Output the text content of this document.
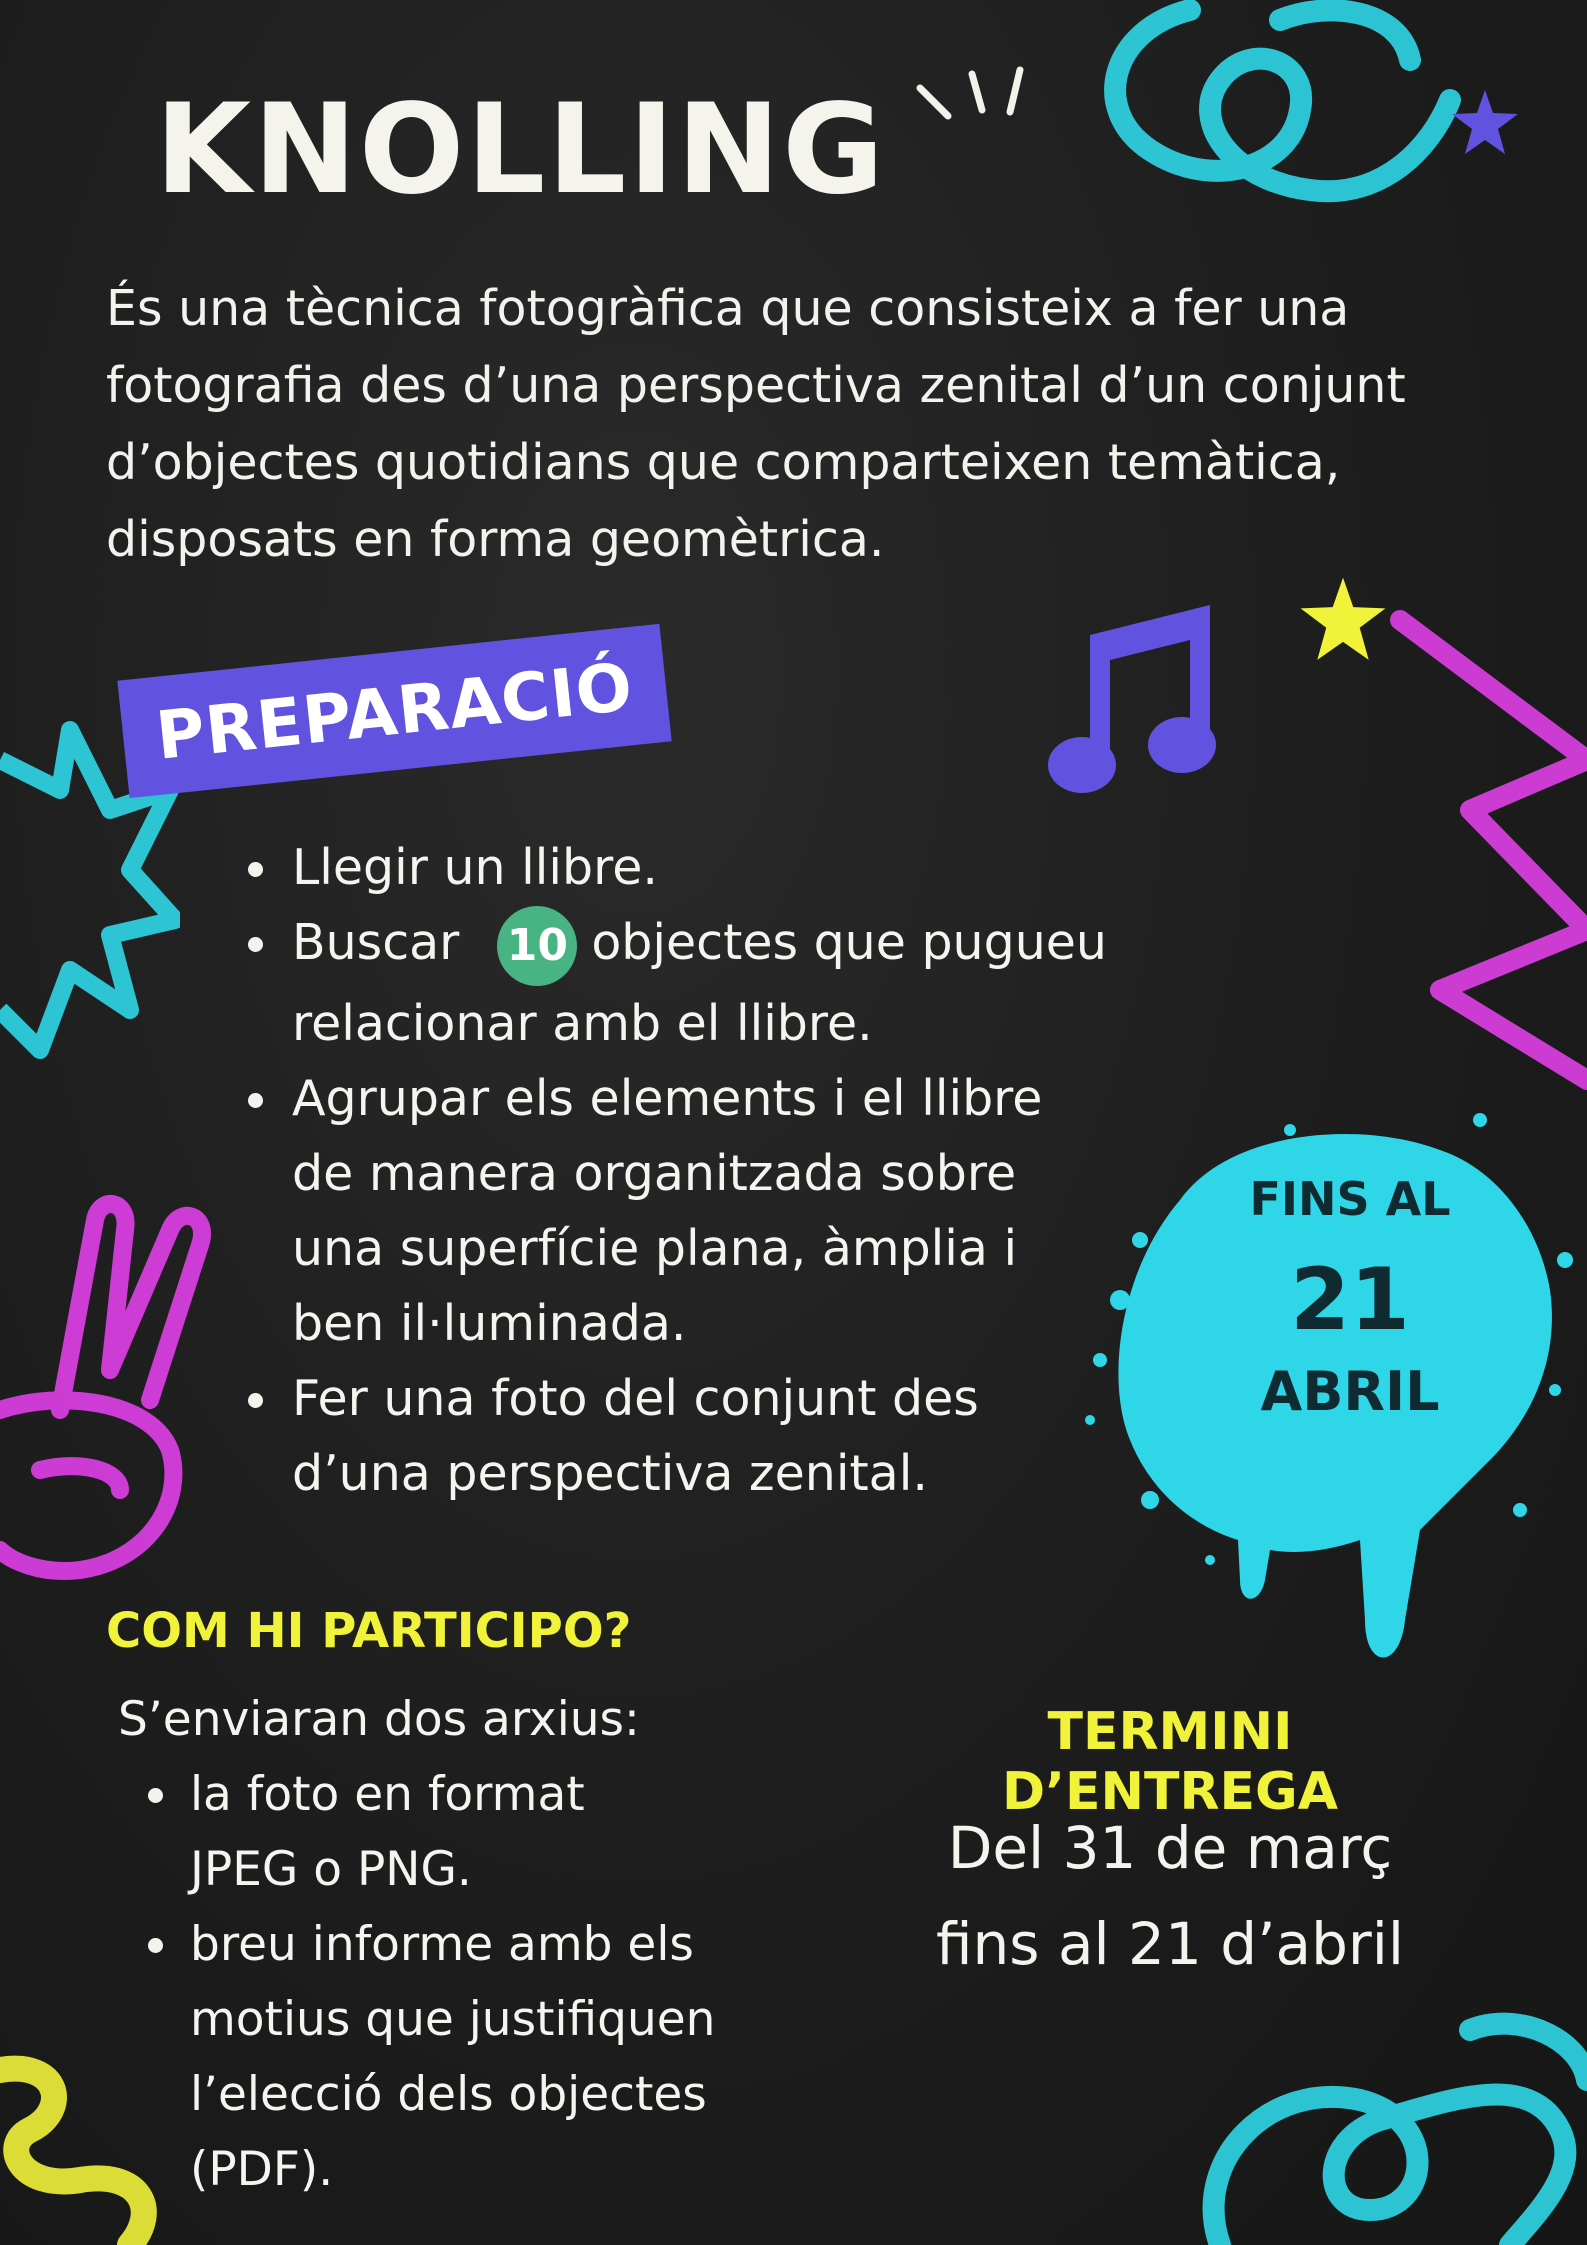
KNOLLING

És una tècnica fotogràfica que consisteix a fer una fotografia des d’una perspectiva zenital d’un conjunt d’objectes quotidians que comparteixen temàtica, disposats en forma geomètrica.

PREPARACIÓ
Llegir un llibre.
Buscar 10 objectes que pugueu relacionar amb el llibre.
Agrupar els elements i el llibre de manera organitzada sobre una superfície plana, àmplia i ben il·luminada.
Fer una foto del conjunt des d’una perspectiva zenital.
FINS AL
21
ABRIL
COM HI PARTICIPO?

S’enviaran dos arxius:

la foto en format JPEG o PNG.
breu informe amb els motius que justifiquen l’elecció dels objectes (PDF).
TERMINI D’ENTREGA

Del 31 de març
fins al 21 d’abril
